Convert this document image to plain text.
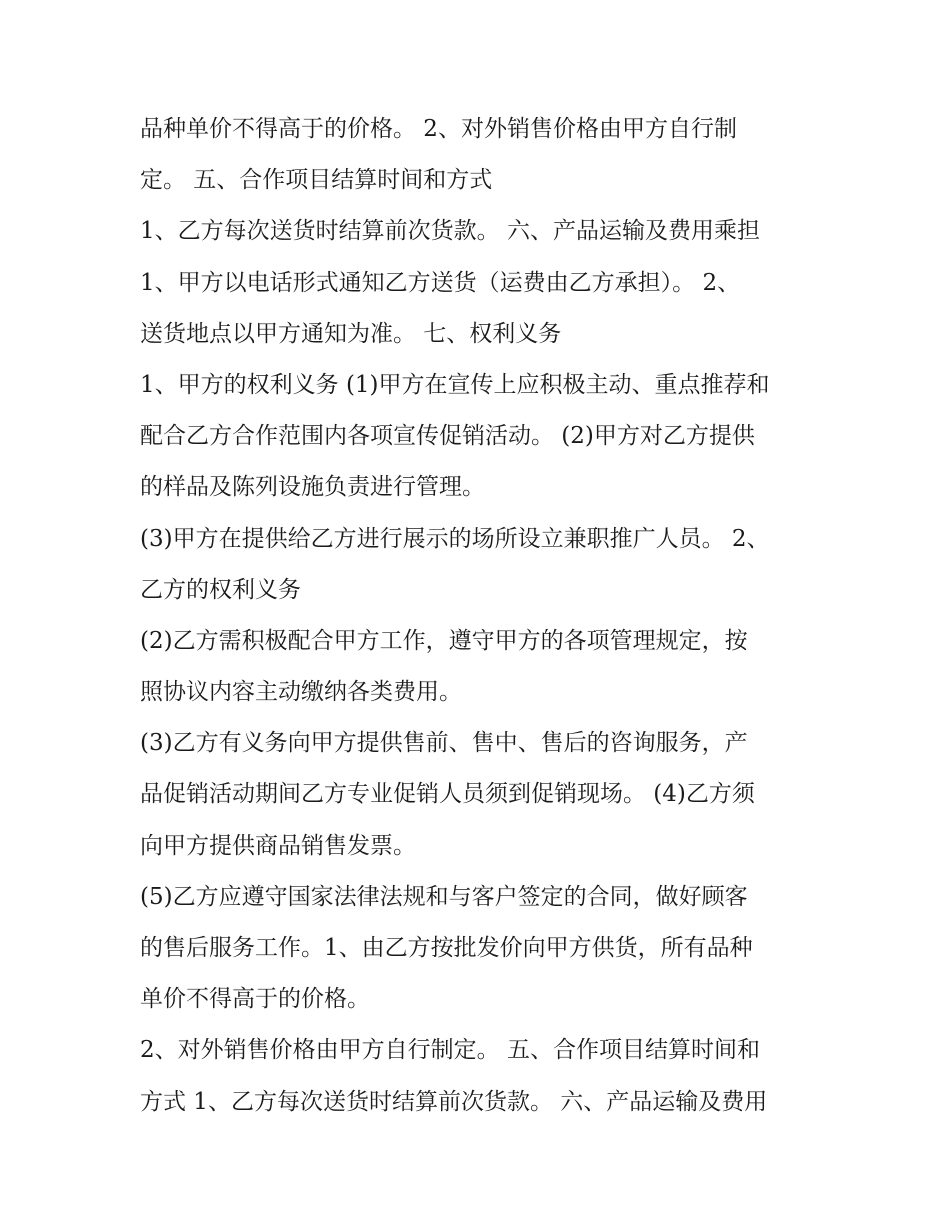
品种单价不得高于的价格。 2、对外销售价格由甲方自行制
定。 五、合作项目结算时间和方式
1、乙方每次送货时结算前次货款。 六、产品运输及费用乘担
1、甲方以电话形式通知乙方送货（运费由乙方承担）。 2、
送货地点以甲方通知为准。 七、权利义务
1、甲方的权利义务 (1)甲方在宣传上应积极主动、重点推荐和
配合乙方合作范围内各项宣传促销活动。 (2)甲方对乙方提供
的样品及陈列设施负责进行管理。
(3)甲方在提供给乙方进行展示的场所设立兼职推广人员。 2、
乙方的权利义务
(2)乙方需积极配合甲方工作，遵守甲方的各项管理规定，按
照协议内容主动缴纳各类费用。
(3)乙方有义务向甲方提供售前、售中、售后的咨询服务，产
品促销活动期间乙方专业促销人员须到促销现场。 (4)乙方须
向甲方提供商品销售发票。
(5)乙方应遵守国家法律法规和与客户签定的合同，做好顾客
的售后服务工作。1、由乙方按批发价向甲方供货，所有品种
单价不得高于的价格。
2、对外销售价格由甲方自行制定。 五、合作项目结算时间和
方式 1、乙方每次送货时结算前次货款。 六、产品运输及费用
